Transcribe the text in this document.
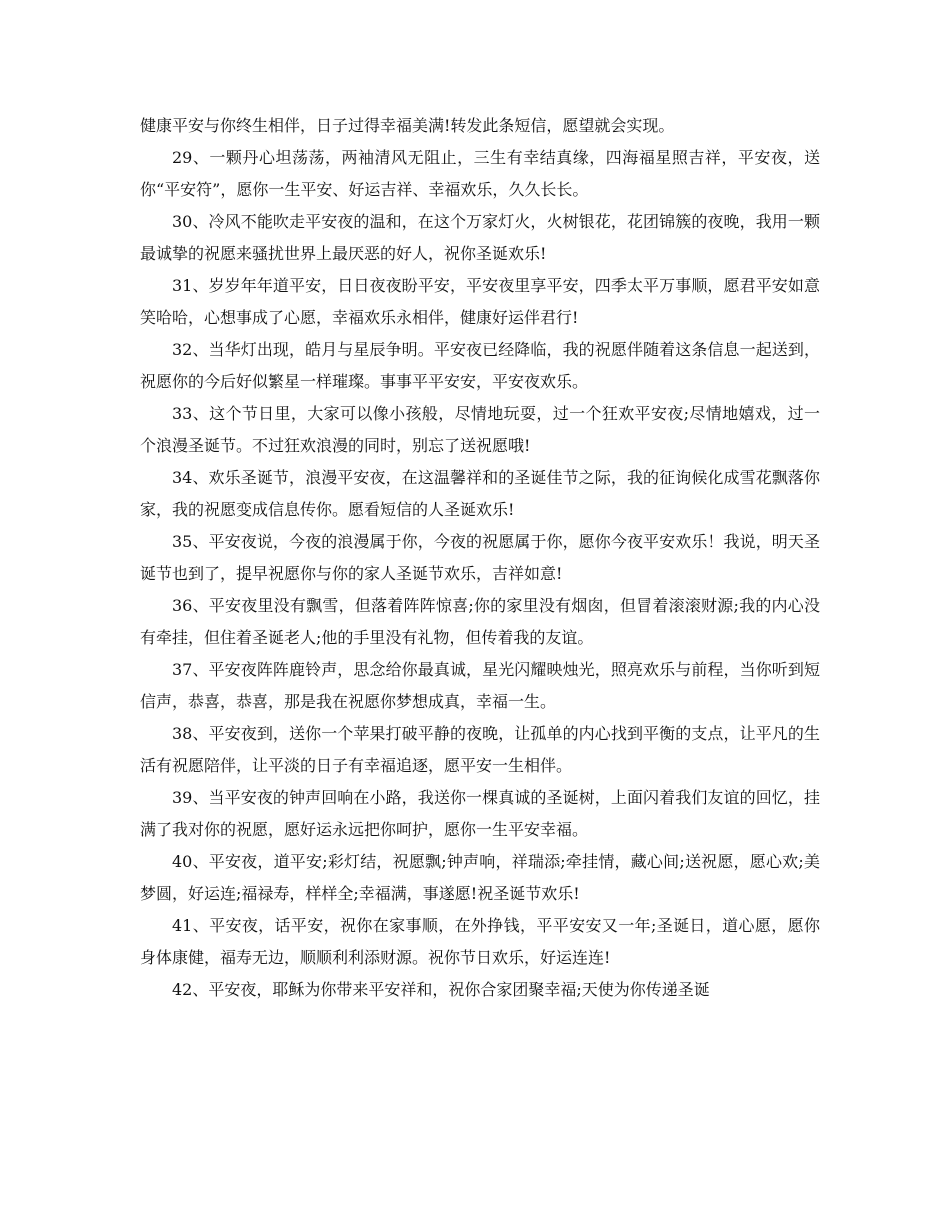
健康平安与你终生相伴，日子过得幸福美满!转发此条短信，愿望就会实现。

29、一颗丹心坦荡荡，两袖清风无阻止，三生有幸结真缘，四海福星照吉祥，平安夜，送你“平安符”，愿你一生平安、好运吉祥、幸福欢乐，久久长长。

30、冷风不能吹走平安夜的温和，在这个万家灯火，火树银花，花团锦簇的夜晚，我用一颗最诚挚的祝愿来骚扰世界上最厌恶的好人，祝你圣诞欢乐!

31、岁岁年年道平安，日日夜夜盼平安，平安夜里享平安，四季太平万事顺，愿君平安如意笑哈哈，心想事成了心愿，幸福欢乐永相伴，健康好运伴君行!

32、当华灯出现，皓月与星辰争明。平安夜已经降临，我的祝愿伴随着这条信息一起送到，祝愿你的今后好似繁星一样璀璨。事事平平安安，平安夜欢乐。

33、这个节日里，大家可以像小孩般，尽情地玩耍，过一个狂欢平安夜;尽情地嬉戏，过一个浪漫圣诞节。不过狂欢浪漫的同时，别忘了送祝愿哦!

34、欢乐圣诞节，浪漫平安夜，在这温馨祥和的圣诞佳节之际，我的征询候化成雪花飘落你家，我的祝愿变成信息传你。愿看短信的人圣诞欢乐!

35、平安夜说，今夜的浪漫属于你，今夜的祝愿属于你，愿你今夜平安欢乐！我说，明天圣诞节也到了，提早祝愿你与你的家人圣诞节欢乐，吉祥如意!

36、平安夜里没有飘雪，但落着阵阵惊喜;你的家里没有烟囱，但冒着滚滚财源;我的内心没有牵挂，但住着圣诞老人;他的手里没有礼物，但传着我的友谊。

37、平安夜阵阵鹿铃声，思念给你最真诚，星光闪耀映烛光，照亮欢乐与前程，当你听到短信声，恭喜，恭喜，那是我在祝愿你梦想成真，幸福一生。

38、平安夜到，送你一个苹果打破平静的夜晚，让孤单的内心找到平衡的支点，让平凡的生活有祝愿陪伴，让平淡的日子有幸福追逐，愿平安一生相伴。

39、当平安夜的钟声回响在小路，我送你一棵真诚的圣诞树，上面闪着我们友谊的回忆，挂满了我对你的祝愿，愿好运永远把你呵护，愿你一生平安幸福。

40、平安夜，道平安;彩灯结，祝愿飘;钟声响，祥瑞添;牵挂情，藏心间;送祝愿，愿心欢;美梦圆，好运连;福禄寿，样样全;幸福满，事遂愿!祝圣诞节欢乐!

41、平安夜，话平安，祝你在家事顺，在外挣钱，平平安安又一年;圣诞日，道心愿，愿你身体康健，福寿无边，顺顺利利添财源。祝你节日欢乐，好运连连!

42、平安夜，耶稣为你带来平安祥和，祝你合家团聚幸福;天使为你传递圣诞
